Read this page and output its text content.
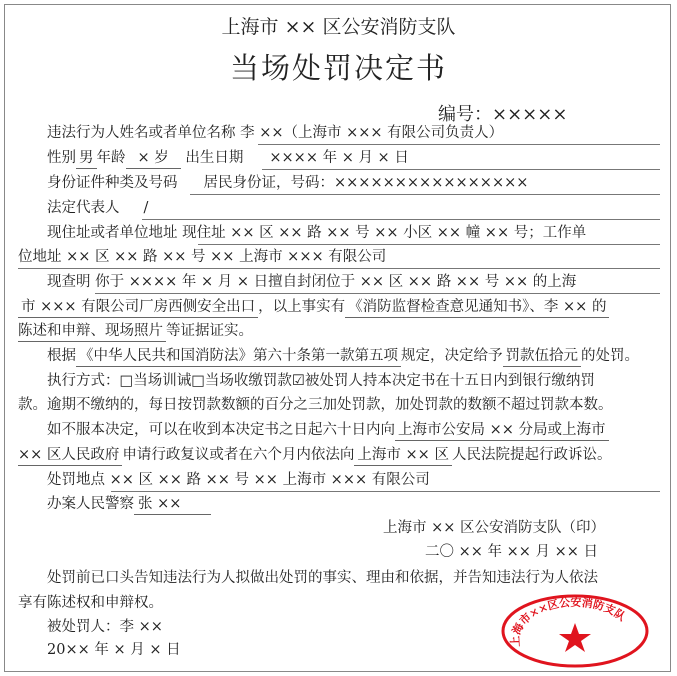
上海市 ×× 区公安消防支队
当场处罚决定书
编号：×××××
违法行为人姓名或者单位名称 李 ××（上海市 ××× 有限公司负责人）
性别 男 年龄 × 岁 出生日期 ×××× 年 × 月 × 日
身份证件种类及号码 居民身份证，号码：××××××××××××××××
法定代表人 /
现住址或者单位地址 现住址 ×× 区 ×× 路 ×× 号 ×× 小区 ×× 幢 ×× 号；工作单
位地址 ×× 区 ×× 路 ×× 号 ×× 上海市 ××× 有限公司
现查明 你于 ×××× 年 × 月 × 日擅自封闭位于 ×× 区 ×× 路 ×× 号 ×× 的上海
市 ××× 有限公司厂房西侧安全出口 ，以上事实有 《消防监督检查意见通知书》、李 ×× 的
陈述和申辩、现场照片 等证据证实。
根据 《中华人民共和国消防法》第六十条第一款第五项 规定，决定给予 罚款伍拾元 的处罚。
执行方式：□当场训诫□当场收缴罚款☑被处罚人持本决定书在十五日内到银行缴纳罚
款。逾期不缴纳的，每日按罚款数额的百分之三加处罚款，加处罚款的数额不超过罚款本数。
如不服本决定，可以在收到本决定书之日起六十日内向 上海市公安局 ×× 分局或上海市
×× 区人民政府 申请行政复议或者在六个月内依法向 上海市 ×× 区 人民法院提起行政诉讼。
处罚地点 ×× 区 ×× 路 ×× 号 ×× 上海市 ××× 有限公司
办案人民警察 张 ××
上海市 ×× 区公安消防支队（印）
二〇 ×× 年 ×× 月 ×× 日
处罚前已口头告知违法行为人拟做出处罚的事实、理由和依据，并告知违法行为人依法
享有陈述权和申辩权。
被处罚人：李 ××
20×× 年 × 月 × 日
上海市××区公安消防支队
